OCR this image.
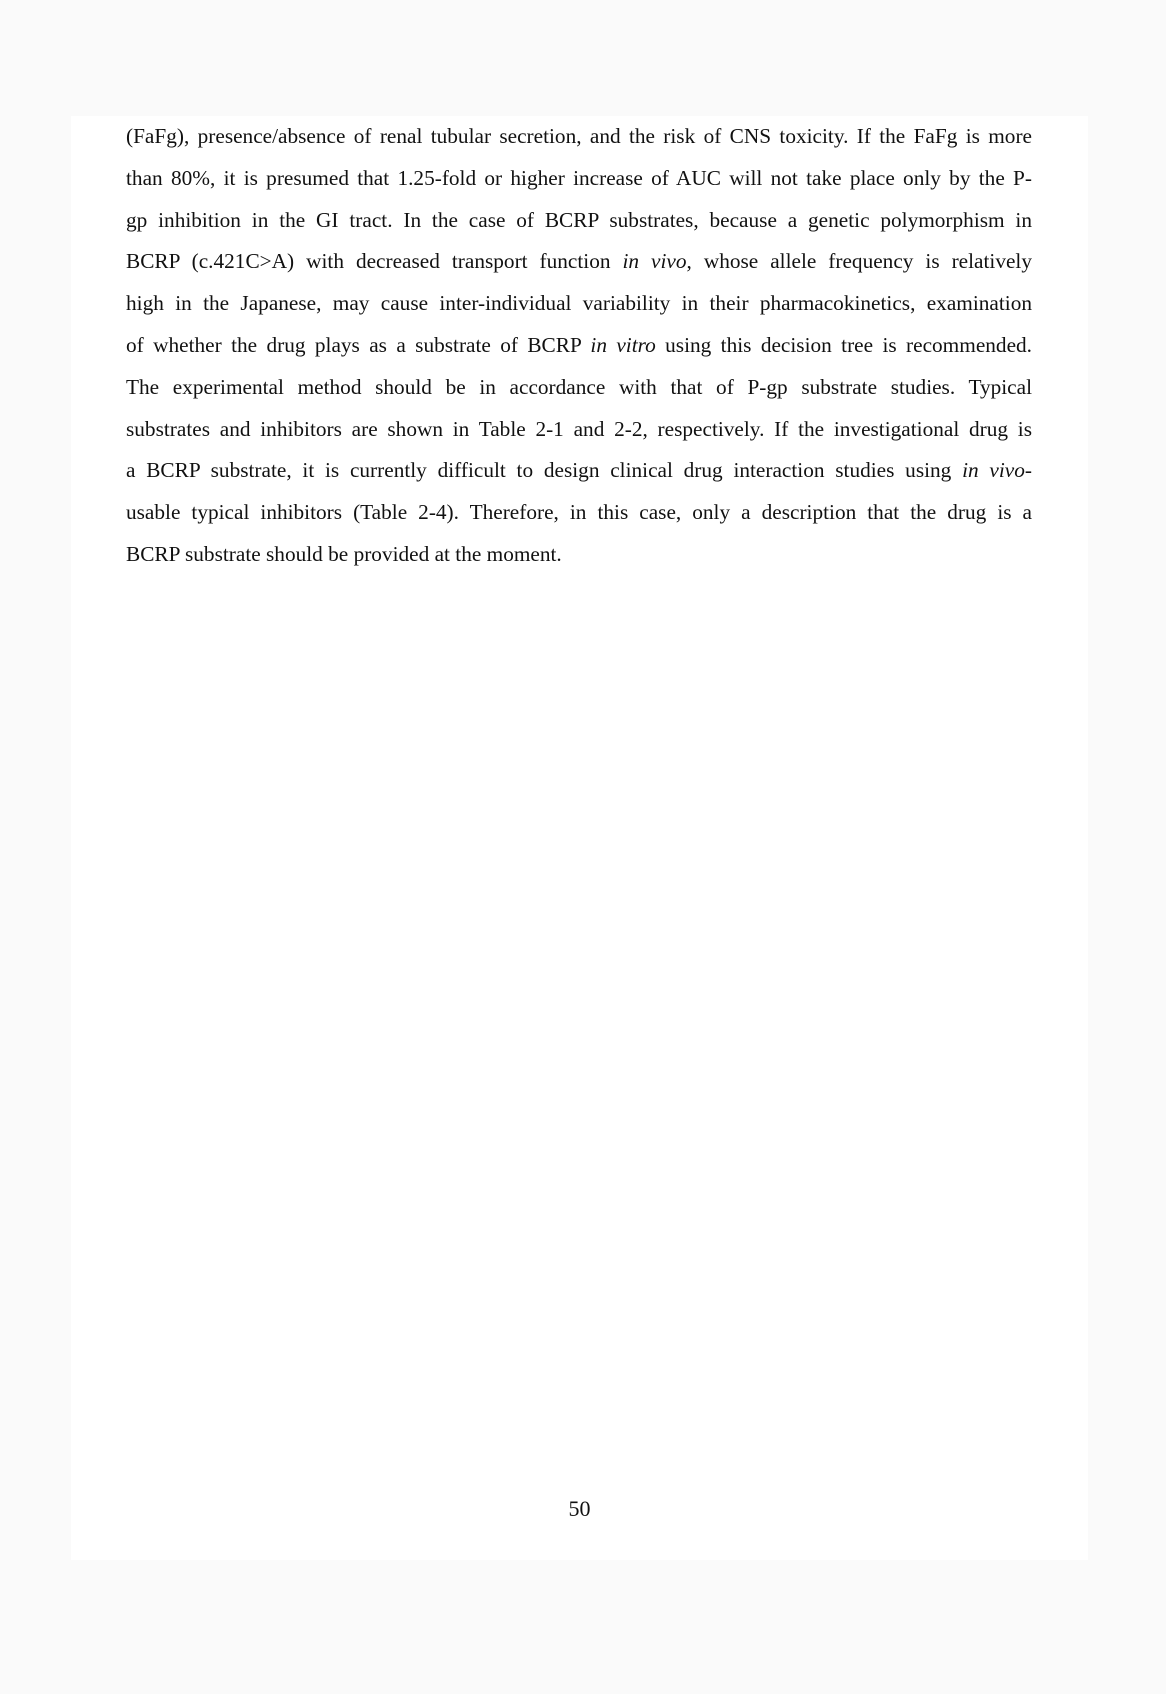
(FaFg), presence/absence of renal tubular secretion, and the risk of CNS toxicity. If the FaFg is more
than 80%, it is presumed that 1.25-fold or higher increase of AUC will not take place only by the P-
gp inhibition in the GI tract. In the case of BCRP substrates, because a genetic polymorphism in
BCRP (c.421C>A) with decreased transport function in vivo, whose allele frequency is relatively
high in the Japanese, may cause inter-individual variability in their pharmacokinetics, examination
of whether the drug plays as a substrate of BCRP in vitro using this decision tree is recommended.
The experimental method should be in accordance with that of P-gp substrate studies. Typical
substrates and inhibitors are shown in Table 2-1 and 2-2, respectively. If the investigational drug is
a BCRP substrate, it is currently difficult to design clinical drug interaction studies using in vivo-
usable typical inhibitors (Table 2-4). Therefore, in this case, only a description that the drug is a
BCRP substrate should be provided at the moment.
50
